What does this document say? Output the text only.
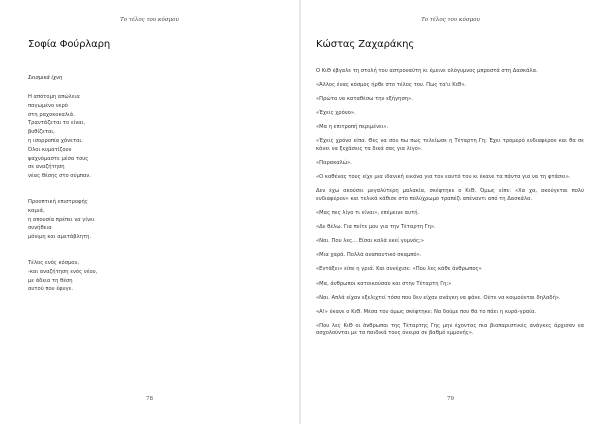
Το τέλος του κόσμου
Σοφία Φούρλαρη
Σεισμικά ίχνη
Η απότομη απώλεια
παγωμένο νερό
στη ραχοκοκαλιά.
Τραντάζεται το είναι,
βυθίζεται,
η ισορροπία χάνεται.
Όλοι κυματίζουν
ψαχνόμαστε μέσα τους
σε αναζήτηση
νέας θέσης στο σύμπαν.
Προοπτική επιστροφής
καμιά,
η απουσία πρέπει να γίνει
συνήθεια
μόνιμη και αμετάβλητη.
Τέλος ενός κόσμου,
-και αναζήτηση ενός νέου,
με άδεια τη θέση
αυτού που έφυγε.
78
Το τέλος του κόσμου
Κώστας Ζαχαράκης

Ο ΚιΘ έβγαλε τη στολή του αστροναύτη κι έμεινε ολόγυμνος μπροστά στη Δασκάλα.

«Άλλος ένας κόσμος ήρθε στο τέλος του. Πως τα'ιι ΚιΘ».

«Πρώτα να καταθέσω την εξήγηση».

«Έχεις χρόνο».

«Μα η επιτροπή περιμένει».

«Έχεις χρόνο είπα. Θες να σου πω πως τελείωσε η Τέταρτη Γη; Έχει τρομερό ενδιαφέρον και θα σε κάνει να ξεχάσεις τα δικά σας για λίγο».

«Παρακαλώ».

«Ο καθένας τους είχε μια ιδανική εικόνα για τον εαυτό του κι έκανε τα πάντα για να τη φτάσει».

Δεν έχω ακούσει μεγαλύτερη μαλακία, σκέφτηκε ο ΚιΘ. Όμως είπε: «Χα χα, ακούγεται πολύ ενδιαφέρον» και τελικά κάθισε στο πολύχρωμο τραπέζι απέναντι από τη Δασκάλα.

«Μας πες λίγο τι είναι», επέμεινε αυτή.

«Δε θέλω. Για πείτε μου για την Τέταρτη Γη».

«Ναι. Που λες... Είσαι καλά εκεί γυμνός;»

«Μια χαρά. Πολλά αναπαυτικό σκαμπό».

«Εντάξει» είπε η γριά. Και συνέχισε: «Που λες κάθε άνθρωπος»

«Μα, άνθρωποι κατοικούσαν και στην Τέταρτη Γη;»

«Ναι. Απλά είχαν εξελιχτεί τόσο που δεν είχαν ανάγκη να φάνε. Ούτε να κοιμούνται δηλαδή».

«Α!» έκανε ο ΚιΘ. Μέσα του όμως σκέφτηκε: Να δούμε που θα το πάει η κυρά-γραία.

«Που λες ΚιΘ οι άνθρωποι της Τέταρτης Γης μην έχοντας πια βιοπαριστικές ανάγκες άρχισαν να ασχολούνται με τα παιδικά τους όνειρα σε βαθμό εμμονής».

79
